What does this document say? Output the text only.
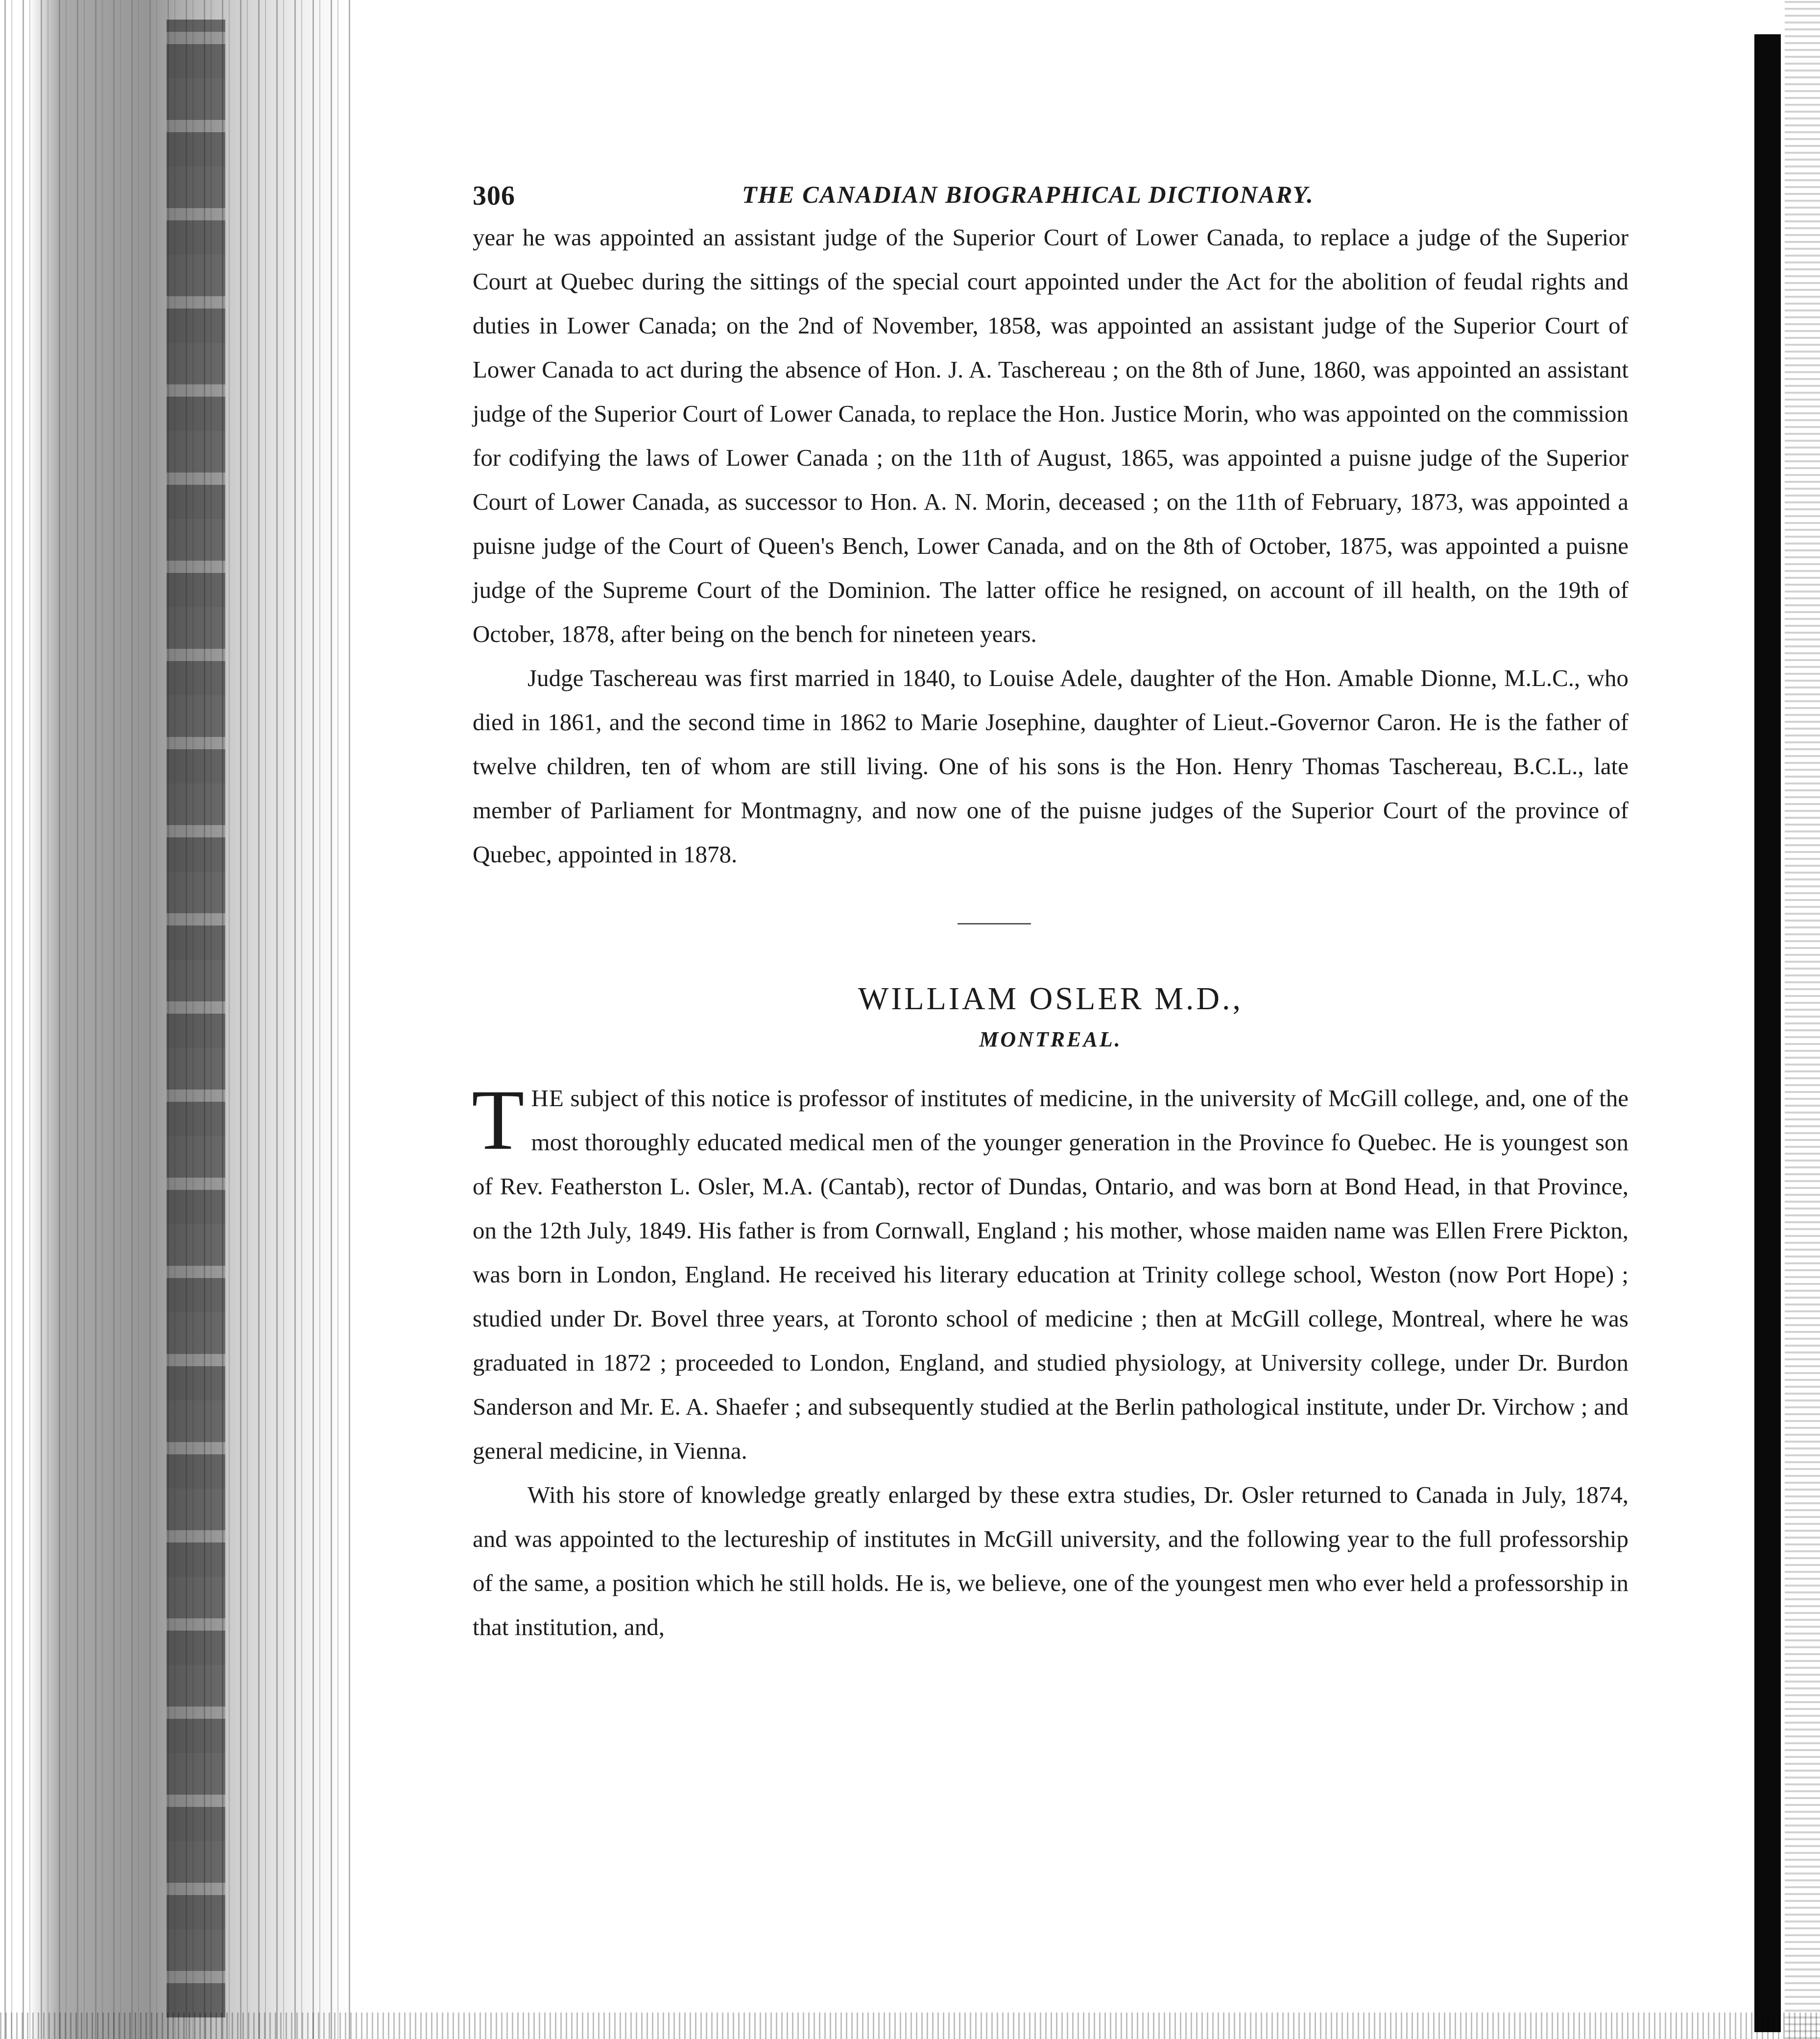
306	THE CANADIAN BIOGRAPHICAL DICTIONARY.

year he was appointed an assistant judge of the Superior Court of Lower Canada, to replace a judge of the Superior Court at Quebec during the sittings of the special court appointed under the Act for the abolition of feudal rights and duties in Lower Canada; on the 2nd of November, 1858, was appointed an assistant judge of the Superior Court of Lower Canada to act during the absence of Hon. J. A. Taschereau ; on the 8th of June, 1860, was appointed an assistant judge of the Superior Court of Lower Canada, to replace the Hon. Justice Morin, who was appointed on the commission for codifying the laws of Lower Canada ; on the 11th of August, 1865, was appointed a puisne judge of the Superior Court of Lower Canada, as successor to Hon. A. N. Morin, deceased ; on the 11th of February, 1873, was appointed a puisne judge of the Court of Queen's Bench, Lower Canada, and on the 8th of October, 1875, was appointed a puisne judge of the Supreme Court of the Dominion. The latter office he resigned, on account of ill health, on the 19th of October, 1878, after being on the bench for nineteen years.

Judge Taschereau was first married in 1840, to Louise Adele, daughter of the Hon. Amable Dionne, M.L.C., who died in 1861, and the second time in 1862 to Marie Josephine, daughter of Lieut.-Governor Caron. He is the father of twelve children, ten of whom are still living. One of his sons is the Hon. Henry Thomas Taschereau, B.C.L., late member of Parliament for Montmagny, and now one of the puisne judges of the Superior Court of the province of Quebec, appointed in 1878.

WILLIAM OSLER M.D.,
MONTREAL.

THE subject of this notice is professor of institutes of medicine, in the university of McGill college, and, one of the most thoroughly educated medical men of the younger generation in the Province fo Quebec. He is youngest son of Rev. Featherston L. Osler, M.A. (Cantab), rector of Dundas, Ontario, and was born at Bond Head, in that Province, on the 12th July, 1849. His father is from Cornwall, England ; his mother, whose maiden name was Ellen Frere Pickton, was born in London, England. He received his literary education at Trinity college school, Weston (now Port Hope) ; studied under Dr. Bovel three years, at Toronto school of medicine ; then at McGill college, Montreal, where he was graduated in 1872 ; proceeded to London, England, and studied physiology, at University college, under Dr. Burdon Sanderson and Mr. E. A. Shaefer ; and subsequently studied at the Berlin pathological institute, under Dr. Virchow ; and general medicine, in Vienna.

With his store of knowledge greatly enlarged by these extra studies, Dr. Osler returned to Canada in July, 1874, and was appointed to the lectureship of institutes in McGill university, and the following year to the full professorship of the same, a position which he still holds. He is, we believe, one of the youngest men who ever held a professorship in that institution, and,
